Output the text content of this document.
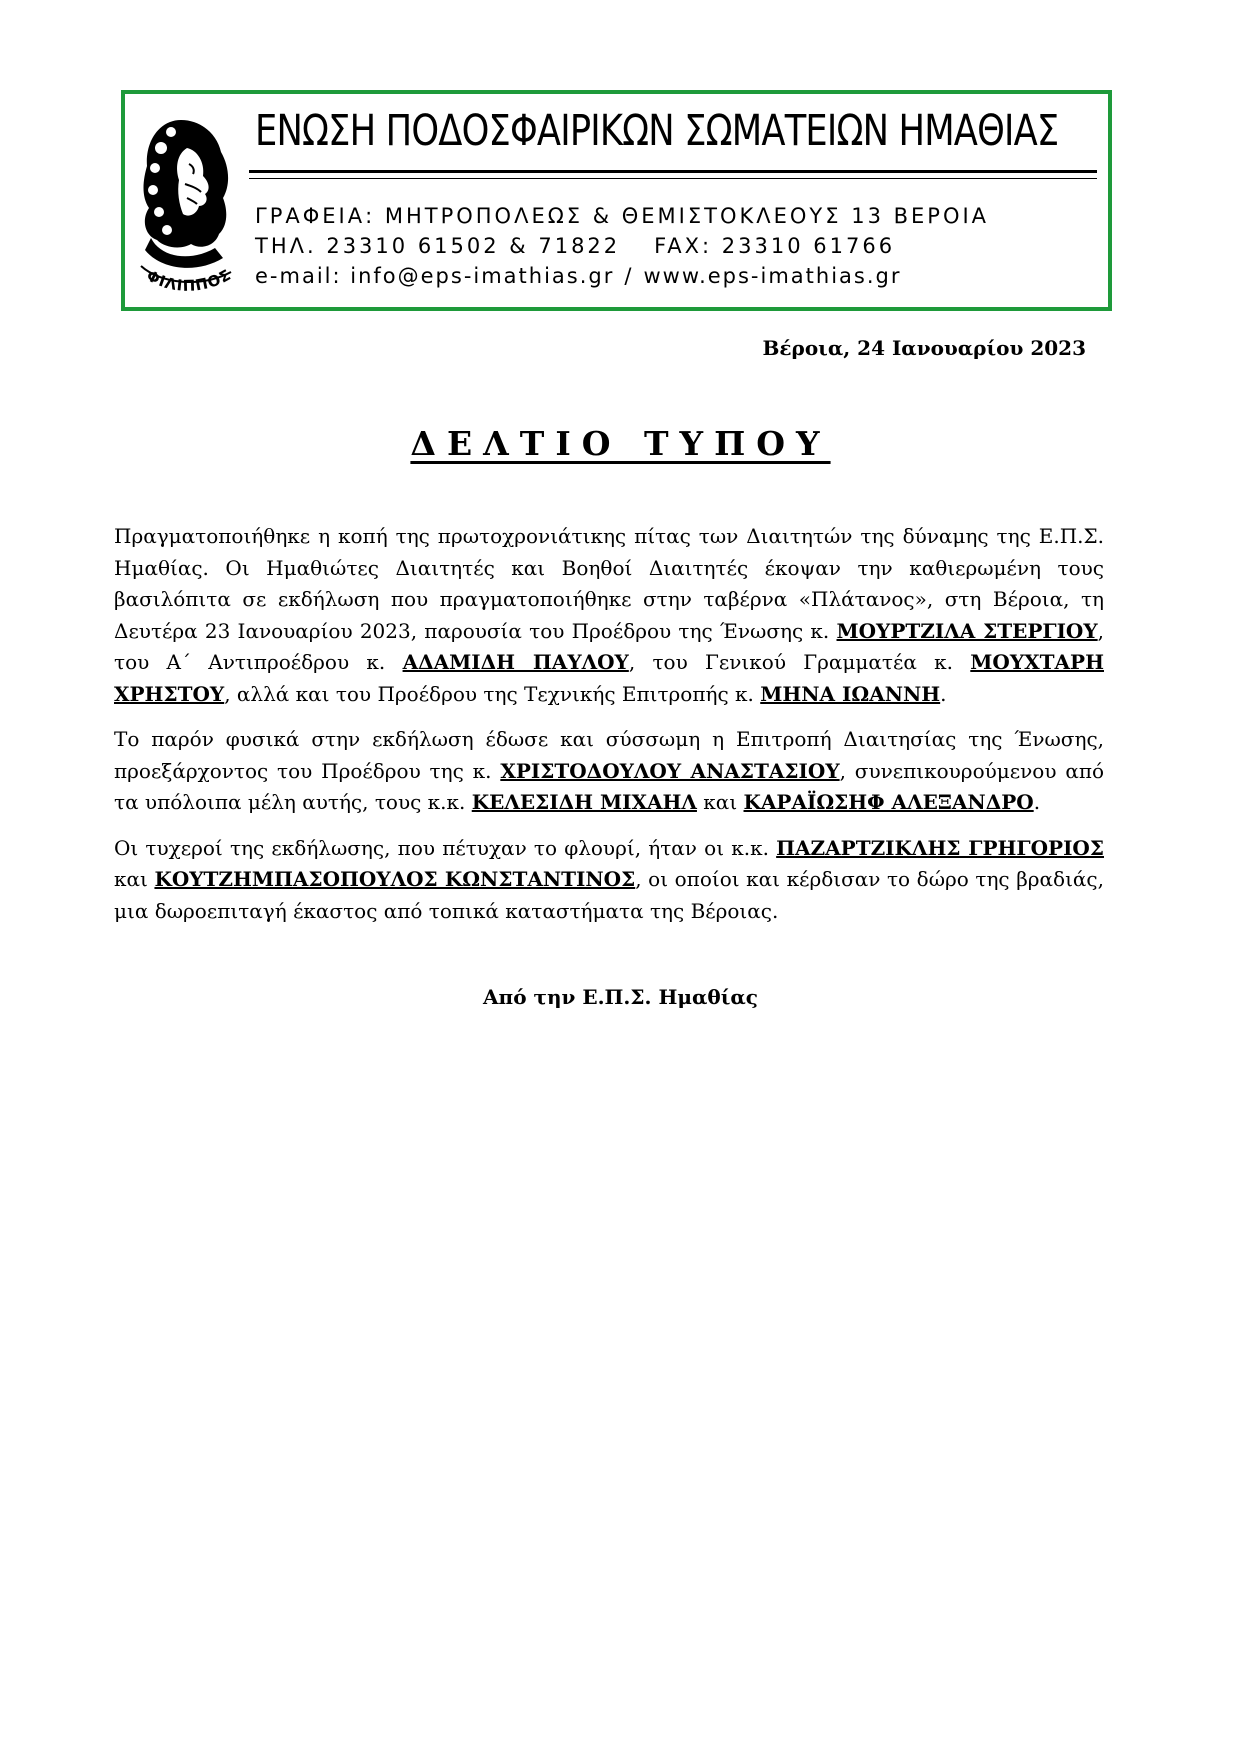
ΦΙΛΙΠΠΟΣ
ΕΝΩΣΗ ΠΟΔΟΣΦΑΙΡΙΚΩΝ ΣΩΜΑΤΕΙΩΝ ΗΜΑΘΙΑΣ
ΓΡΑΦΕΙΑ: ΜΗΤΡΟΠΟΛΕΩΣ & ΘΕΜΙΣΤΟΚΛΕΟΥΣ 13 ΒΕΡΟΙΑ
ΤΗΛ. 23310 61502 & 71822 FAX: 23310 61766
e-mail: info@eps-imathias.gr / www.eps-imathias.gr
Βέροια, 24 Ιανουαρίου 2023
ΔΕΛΤΙΟ ΤΥΠΟΥ

Πραγματοποιήθηκε η κοπή της πρωτοχρονιάτικης πίτας των Διαιτητών της δύναμης της Ε.Π.Σ. Ημαθίας. Οι Ημαθιώτες Διαιτητές και Βοηθοί Διαιτητές έκοψαν την καθιερωμένη τους βασιλόπιτα σε εκδήλωση που πραγματοποιήθηκε στην ταβέρνα «Πλάτανος», στη Βέροια, τη Δευτέρα 23 Ιανουαρίου 2023, παρουσία του Προέδρου της Ένωσης κ. ΜΟΥΡΤΖΙΛΑ ΣΤΕΡΓΙΟΥ, του Α΄ Αντιπροέδρου κ. ΑΔΑΜΙΔΗ ΠΑΥΛΟΥ, του Γενικού Γραμματέα κ. ΜΟΥΧΤΑΡΗ ΧΡΗΣΤΟΥ, αλλά και του Προέδρου της Τεχνικής Επιτροπής κ. ΜΗΝΑ ΙΩΑΝΝΗ.

Το παρόν φυσικά στην εκδήλωση έδωσε και σύσσωμη η Επιτροπή Διαιτησίας της Ένωσης, προεξάρχοντος του Προέδρου της κ. ΧΡΙΣΤΟΔΟΥΛΟΥ ΑΝΑΣΤΑΣΙΟΥ, συνεπικουρούμενου από τα υπόλοιπα μέλη αυτής, τους κ.κ. ΚΕΛΕΣΙΔΗ ΜΙΧΑΗΛ και ΚΑΡΑΪΩΣΗΦ ΑΛΕΞΑΝΔΡΟ.

Οι τυχεροί της εκδήλωσης, που πέτυχαν το φλουρί, ήταν οι κ.κ. ΠΑΖΑΡΤΖΙΚΛΗΣ ΓΡΗΓΟΡΙΟΣ και ΚΟΥΤΖΗΜΠΑΣΟΠΟΥΛΟΣ ΚΩΝΣΤΑΝΤΙΝΟΣ, οι οποίοι και κέρδισαν το δώρο της βραδιάς, μια δωροεπιταγή έκαστος από τοπικά καταστήματα της Βέροιας.

Από την Ε.Π.Σ. Ημαθίας
